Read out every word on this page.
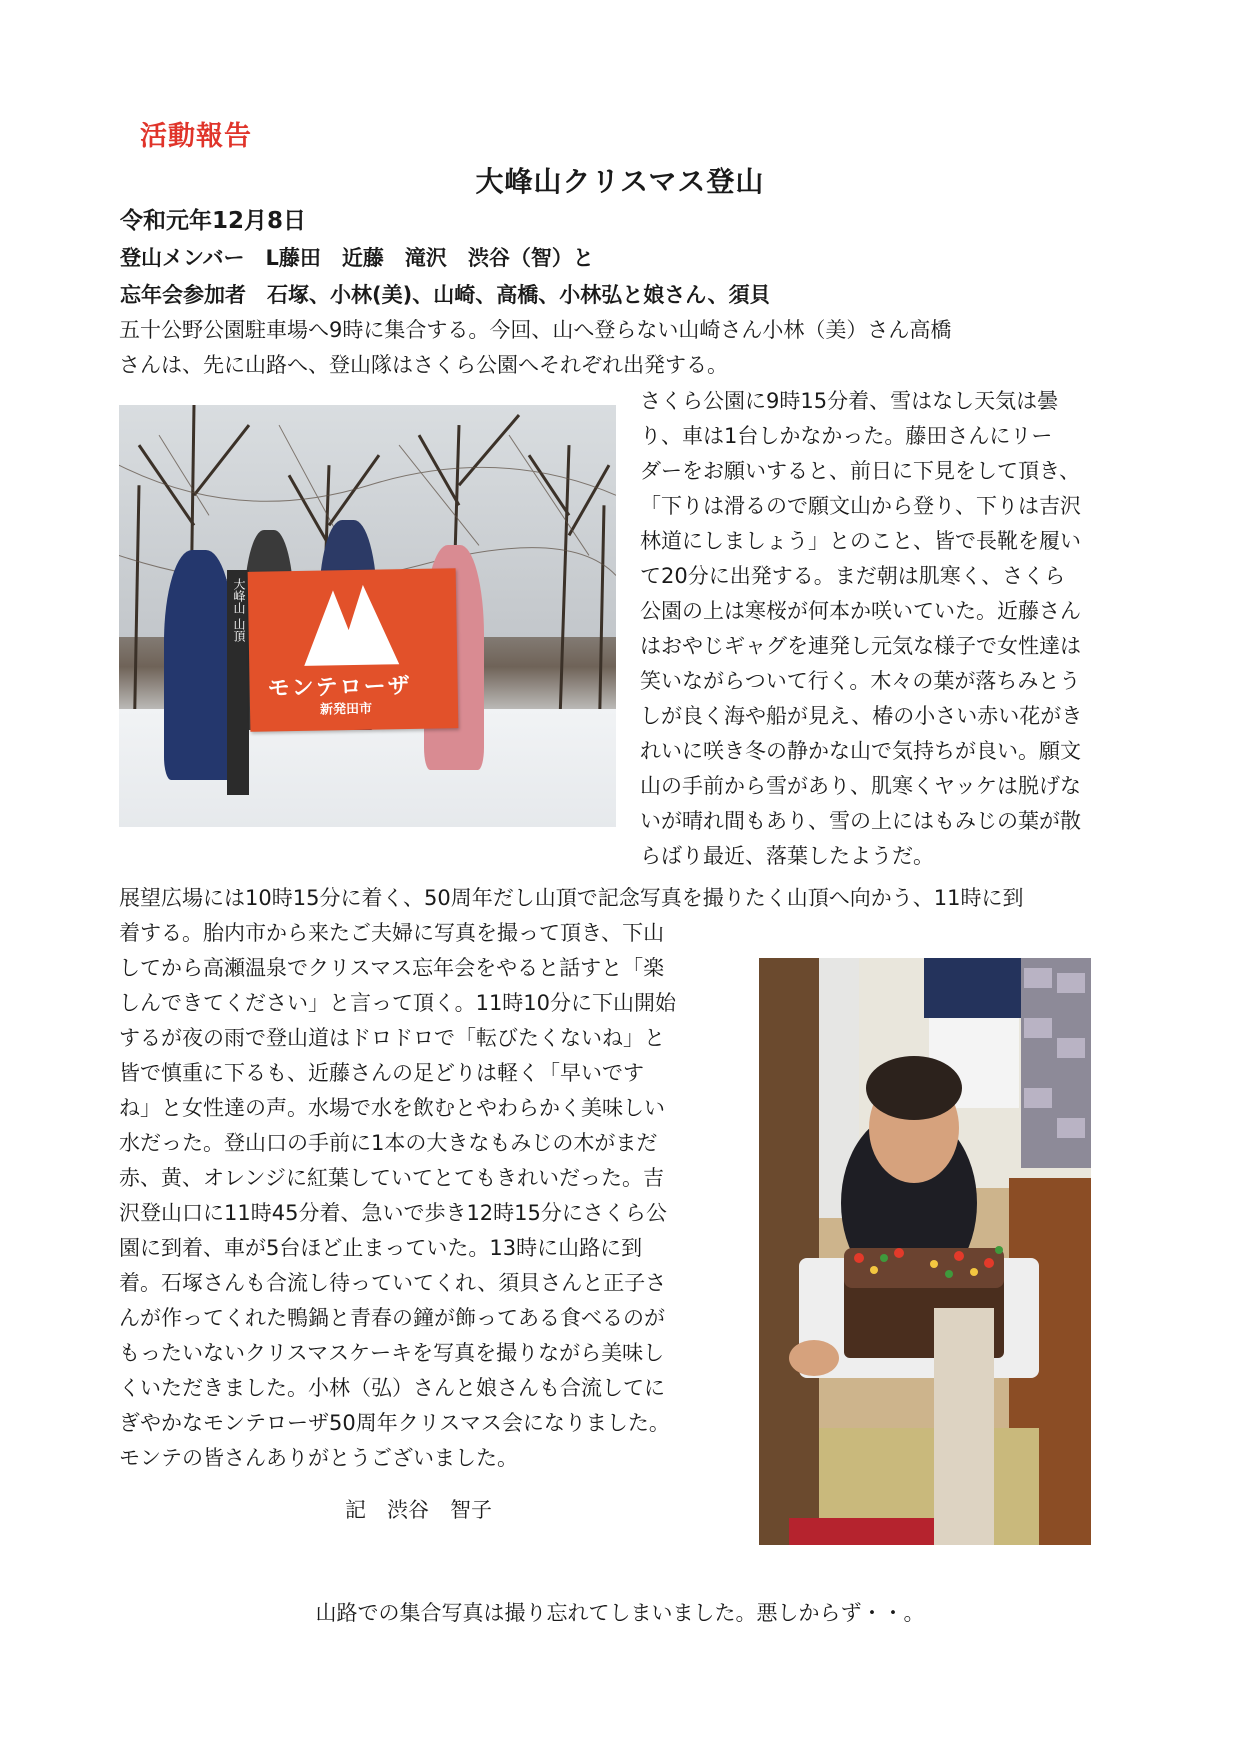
活動報告
大峰山クリスマス登山
令和元年12月8日
登山メンバー　L藤田　近藤　滝沢　渋谷（智）と
忘年会参加者　石塚、小林(美)、山崎、高橋、小林弘と娘さん、須貝
五十公野公園駐車場へ9時に集合する。今回、山へ登らない山崎さん小林（美）さん高橋
さんは、先に山路へ、登山隊はさくら公園へそれぞれ出発する。
大峰山 山頂
モンテローザ
新発田市
さくら公園に9時15分着、雪はなし天気は曇
り、車は1台しかなかった。藤田さんにリー
ダーをお願いすると、前日に下見をして頂き、
「下りは滑るので願文山から登り、下りは吉沢
林道にしましょう」とのこと、皆で長靴を履い
て20分に出発する。まだ朝は肌寒く、さくら
公園の上は寒桜が何本か咲いていた。近藤さん
はおやじギャグを連発し元気な様子で女性達は
笑いながらついて行く。木々の葉が落ちみとう
しが良く海や船が見え、椿の小さい赤い花がき
れいに咲き冬の静かな山で気持ちが良い。願文
山の手前から雪があり、肌寒くヤッケは脱げな
いが晴れ間もあり、雪の上にはもみじの葉が散
らばり最近、落葉したようだ。
展望広場には10時15分に着く、50周年だし山頂で記念写真を撮りたく山頂へ向かう、11時に到
着する。胎内市から来たご夫婦に写真を撮って頂き、下山
してから高瀬温泉でクリスマス忘年会をやると話すと「楽
しんできてください」と言って頂く。11時10分に下山開始
するが夜の雨で登山道はドロドロで「転びたくないね」と
皆で慎重に下るも、近藤さんの足どりは軽く「早いです
ね」と女性達の声。水場で水を飲むとやわらかく美味しい
水だった。登山口の手前に1本の大きなもみじの木がまだ
赤、黄、オレンジに紅葉していてとてもきれいだった。吉
沢登山口に11時45分着、急いで歩き12時15分にさくら公
園に到着、車が5台ほど止まっていた。13時に山路に到
着。石塚さんも合流し待っていてくれ、須貝さんと正子さ
んが作ってくれた鴨鍋と青春の鐘が飾ってある食べるのが
もったいないクリスマスケーキを写真を撮りながら美味し
くいただきました。小林（弘）さんと娘さんも合流してに
ぎやかなモンテローザ50周年クリスマス会になりました。
モンテの皆さんありがとうございました。
記　渋谷　智子
山路での集合写真は撮り忘れてしまいました。悪しからず・・。
